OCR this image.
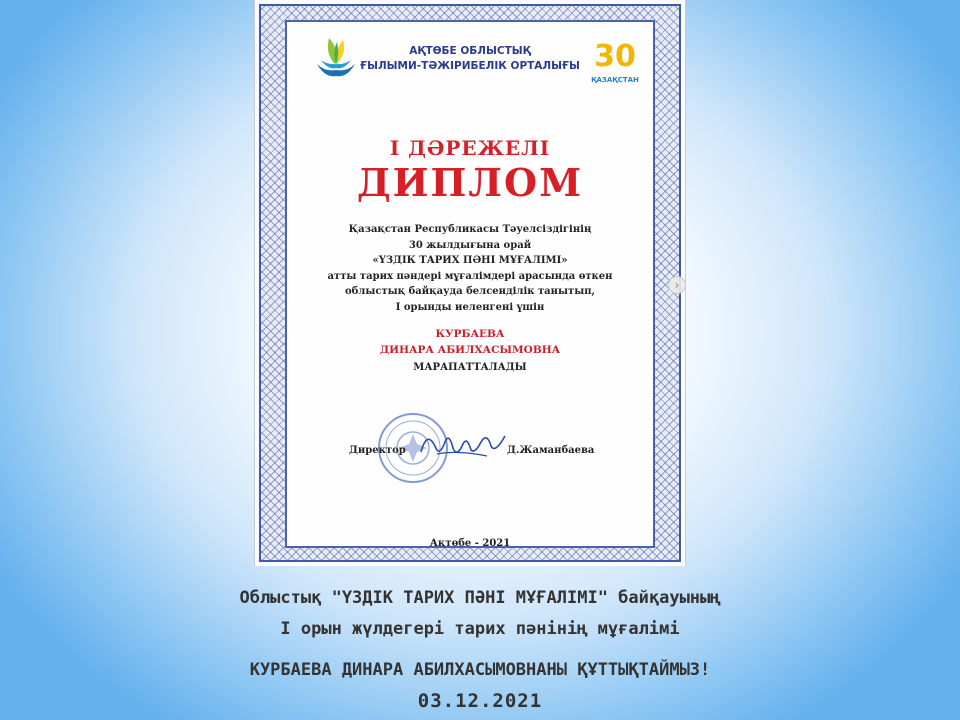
АҚТӨБЕ ОБЛЫСТЫҚ
ҒЫЛЫМИ-ТӘЖІРИБЕЛІК ОРТАЛЫҒЫ 30
ҚАЗАҚСТАН
І ДӘРЕЖЕЛІ
ДИПЛОМ
Қазақстан Республикасы Тәуелсіздігінің
30 жылдығына орай
«ҮЗДІК ТАРИХ ПӘНІ МҰҒАЛІМІ»
атты тарих пәндері мұғалімдері арасында өткен
облыстық байқауда белсенділік танытып,
І орынды иеленгені үшін
КУРБАЕВА
ДИНАРА АБИЛХАСЫМОВНА
МАРАПАТТАЛАДЫ
Директор	Д.Жаманбаева
Ақтөбе - 2021
›
Облыстық "ҮЗДІК ТАРИХ ПӘНІ МҰҒАЛІМІ" байқауының
І орын жүлдегері тарих пәнінің мұғалімі
КУРБАЕВА ДИНАРА АБИЛХАСЫМОВНАНЫ ҚҰТТЫҚТАЙМЫЗ!
03.12.2021
